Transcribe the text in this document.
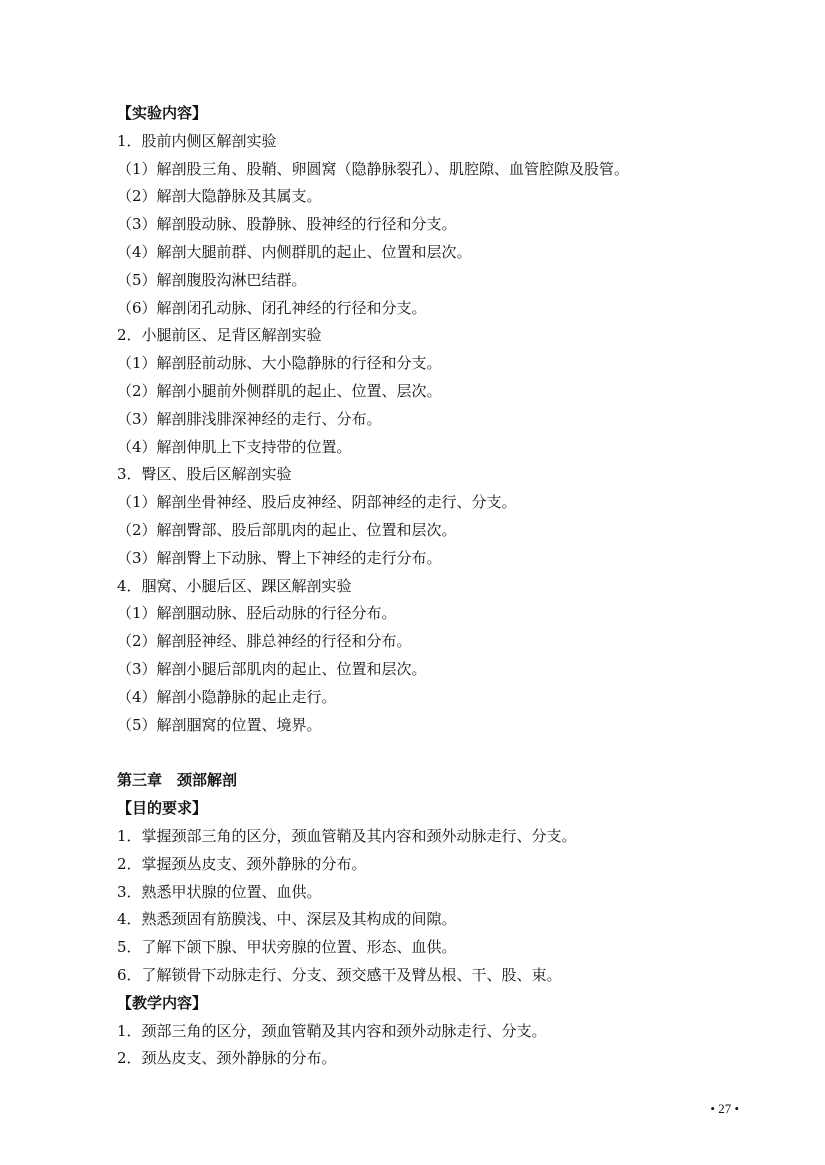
【实验内容】
1．股前内侧区解剖实验
（1）解剖股三角、股鞘、卵圆窝（隐静脉裂孔）、肌腔隙、血管腔隙及股管。
（2）解剖大隐静脉及其属支。
（3）解剖股动脉、股静脉、股神经的行径和分支。
（4）解剖大腿前群、内侧群肌的起止、位置和层次。
（5）解剖腹股沟淋巴结群。
（6）解剖闭孔动脉、闭孔神经的行径和分支。
2．小腿前区、足背区解剖实验
（1）解剖胫前动脉、大小隐静脉的行径和分支。
（2）解剖小腿前外侧群肌的起止、位置、层次。
（3）解剖腓浅腓深神经的走行、分布。
（4）解剖伸肌上下支持带的位置。
3．臀区、股后区解剖实验
（1）解剖坐骨神经、股后皮神经、阴部神经的走行、分支。
（2）解剖臀部、股后部肌肉的起止、位置和层次。
（3）解剖臀上下动脉、臀上下神经的走行分布。
4．腘窝、小腿后区、踝区解剖实验
（1）解剖腘动脉、胫后动脉的行径分布。
（2）解剖胫神经、腓总神经的行径和分布。
（3）解剖小腿后部肌肉的起止、位置和层次。
（4）解剖小隐静脉的起止走行。
（5）解剖腘窝的位置、境界。
第三章　颈部解剖
【目的要求】
1．掌握颈部三角的区分，颈血管鞘及其内容和颈外动脉走行、分支。
2．掌握颈丛皮支、颈外静脉的分布。
3．熟悉甲状腺的位置、血供。
4．熟悉颈固有筋膜浅、中、深层及其构成的间隙。
5．了解下颌下腺、甲状旁腺的位置、形态、血供。
6．了解锁骨下动脉走行、分支、颈交感干及臂丛根、干、股、束。
【教学内容】
1．颈部三角的区分，颈血管鞘及其内容和颈外动脉走行、分支。
2．颈丛皮支、颈外静脉的分布。
• 27 •
